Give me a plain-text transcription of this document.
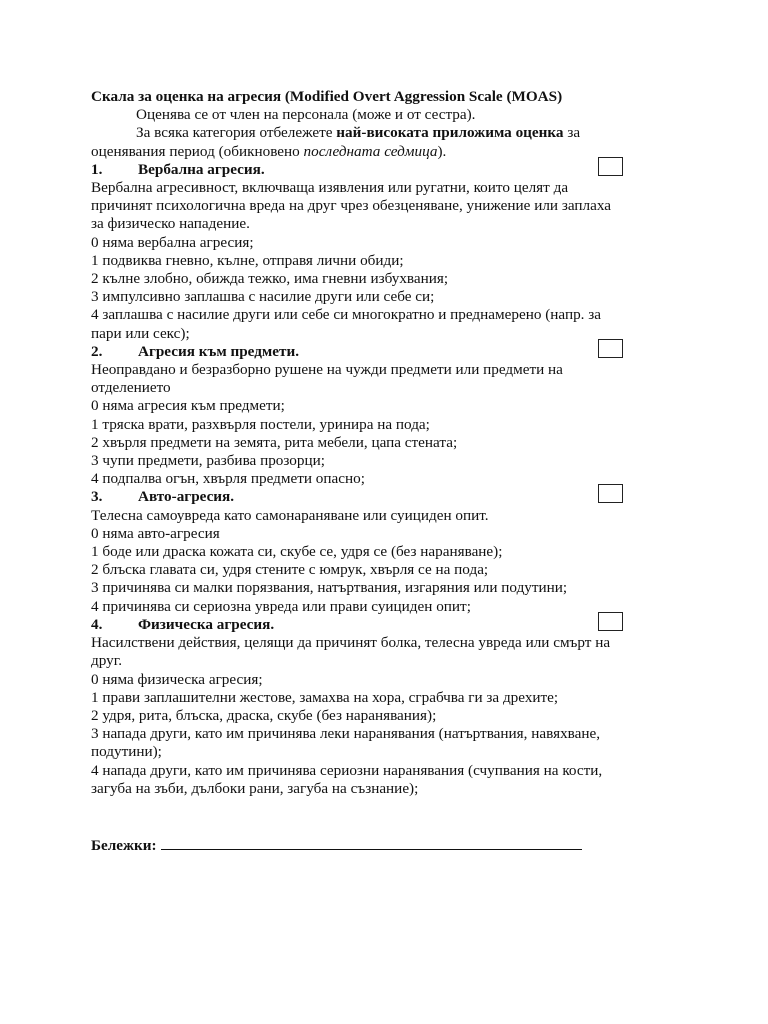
Скала за оценка на агресия (Modified Overt Aggression Scale (MOAS)
Оценява се от член на персонала (може и от сестра).
За всяка категория отбележете най-високата приложима оценка за
оценявания период (обикновено последната седмица).
1. Вербална агресия.
Вербална агресивност, включваща изявления или ругатни, които целят да
причинят психологична вреда на друг чрез обезценяване, унижение или заплаха
за физическо нападение.
0 няма вербална агресия;
1 подвиква гневно, кълне, отправя лични обиди;
2 кълне злобно, обижда тежко, има гневни избухвания;
3 импулсивно заплашва с насилие други или себе си;
4 заплашва с насилие други или себе си многократно и преднамерено (напр. за
пари или секс);
2. Агресия към предмети.
Неоправдано и безразборно рушене на чужди предмети или предмети на
отделението
0 няма агресия към предмети;
1 тряска врати, разхвърля постели, уринира на пода;
2 хвърля предмети на земята, рита мебели, цапа стената;
3 чупи предмети, разбива прозорци;
4 подпалва огън, хвърля предмети опасно;
3. Авто-агресия.
Телесна самоувреда като самонараняване или суициден опит.
0 няма авто-агресия
1 боде или драска кожата си, скубе се, удря се (без нараняване);
2 блъска главата си, удря стените с юмрук, хвърля се на пода;
3 причинява си малки порязвания, натъртвания, изгаряния или подутини;
4 причинява си сериозна увреда или прави суициден опит;
4. Физическа агресия.
Насилствени действия, целящи да причинят болка, телесна увреда или смърт на
друг.
0 няма физическа агресия;
1 прави заплашителни жестове, замахва на хора, сграбчва ги за дрехите;
2 удря, рита, блъска, драска, скубе (без наранявания);
3 напада други, като им причинява леки наранявания (натъртвания, навяхване,
подутини);
4 напада други, като им причинява сериозни наранявания (счупвания на кости,
загуба на зъби, дълбоки рани, загуба на съзнание);
Бележки:
